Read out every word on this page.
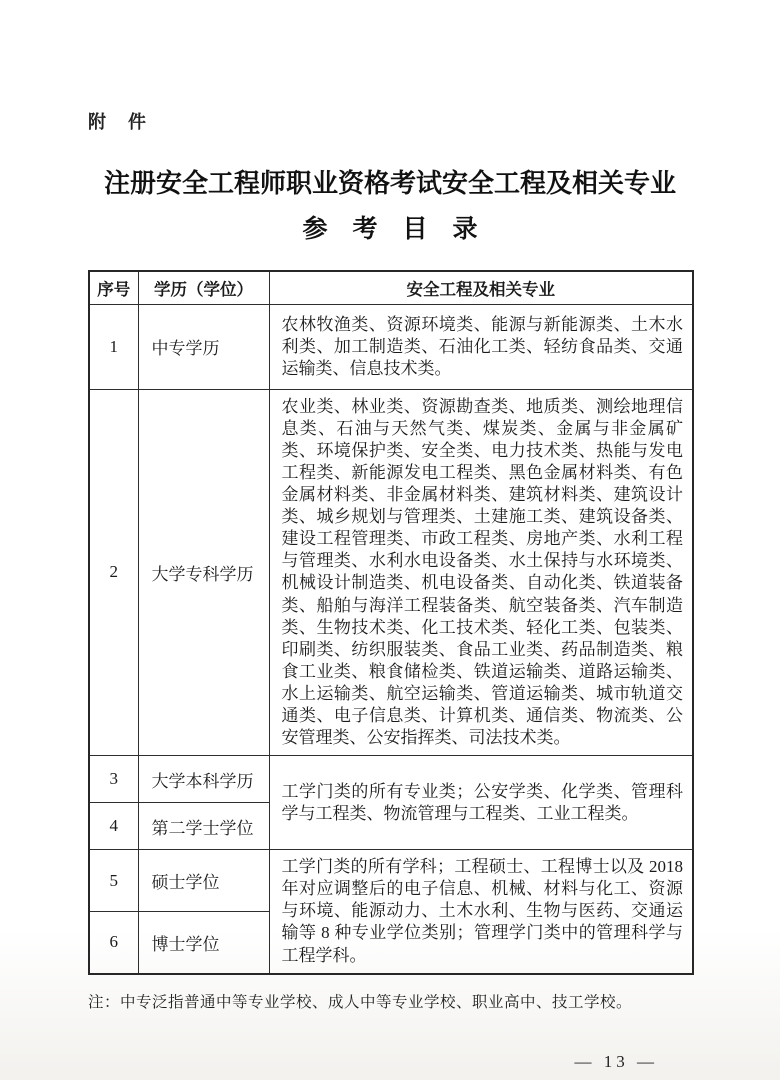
附　件
注册安全工程师职业资格考试安全工程及相关专业
参　考　目　录
序号	学历（学位）	安全工程及相关专业
1	中专学历	农林牧渔类、资源环境类、能源与新能源类、土木水利类、加工制造类、石油化工类、轻纺食品类、交通运输类、信息技术类。
2	大学专科学历	农业类、林业类、资源勘查类、地质类、测绘地理信息类、石油与天然气类、煤炭类、金属与非金属矿类、环境保护类、安全类、电力技术类、热能与发电工程类、新能源发电工程类、黑色金属材料类、有色金属材料类、非金属材料类、建筑材料类、建筑设计类、城乡规划与管理类、土建施工类、建筑设备类、建设工程管理类、市政工程类、房地产类、水利工程与管理类、水利水电设备类、水土保持与水环境类、机械设计制造类、机电设备类、自动化类、铁道装备类、船舶与海洋工程装备类、航空装备类、汽车制造类、生物技术类、化工技术类、轻化工类、包装类、印刷类、纺织服装类、食品工业类、药品制造类、粮食工业类、粮食储检类、铁道运输类、道路运输类、水上运输类、航空运输类、管道运输类、城市轨道交通类、电子信息类、计算机类、通信类、物流类、公安管理类、公安指挥类、司法技术类。
3	大学本科学历	工学门类的所有专业类；公安学类、化学类、管理科学与工程类、物流管理与工程类、工业工程类。
4	第二学士学位	
5	硕士学位	工学门类的所有学科；工程硕士、工程博士以及 2018 年对应调整后的电子信息、机械、材料与化工、资源与环境、能源动力、土木水利、生物与医药、交通运输等 8 种专业学位类别；管理学门类中的管理科学与工程学科。
6	博士学位	
注：中专泛指普通中等专业学校、成人中等专业学校、职业高中、技工学校。
— 13 —
